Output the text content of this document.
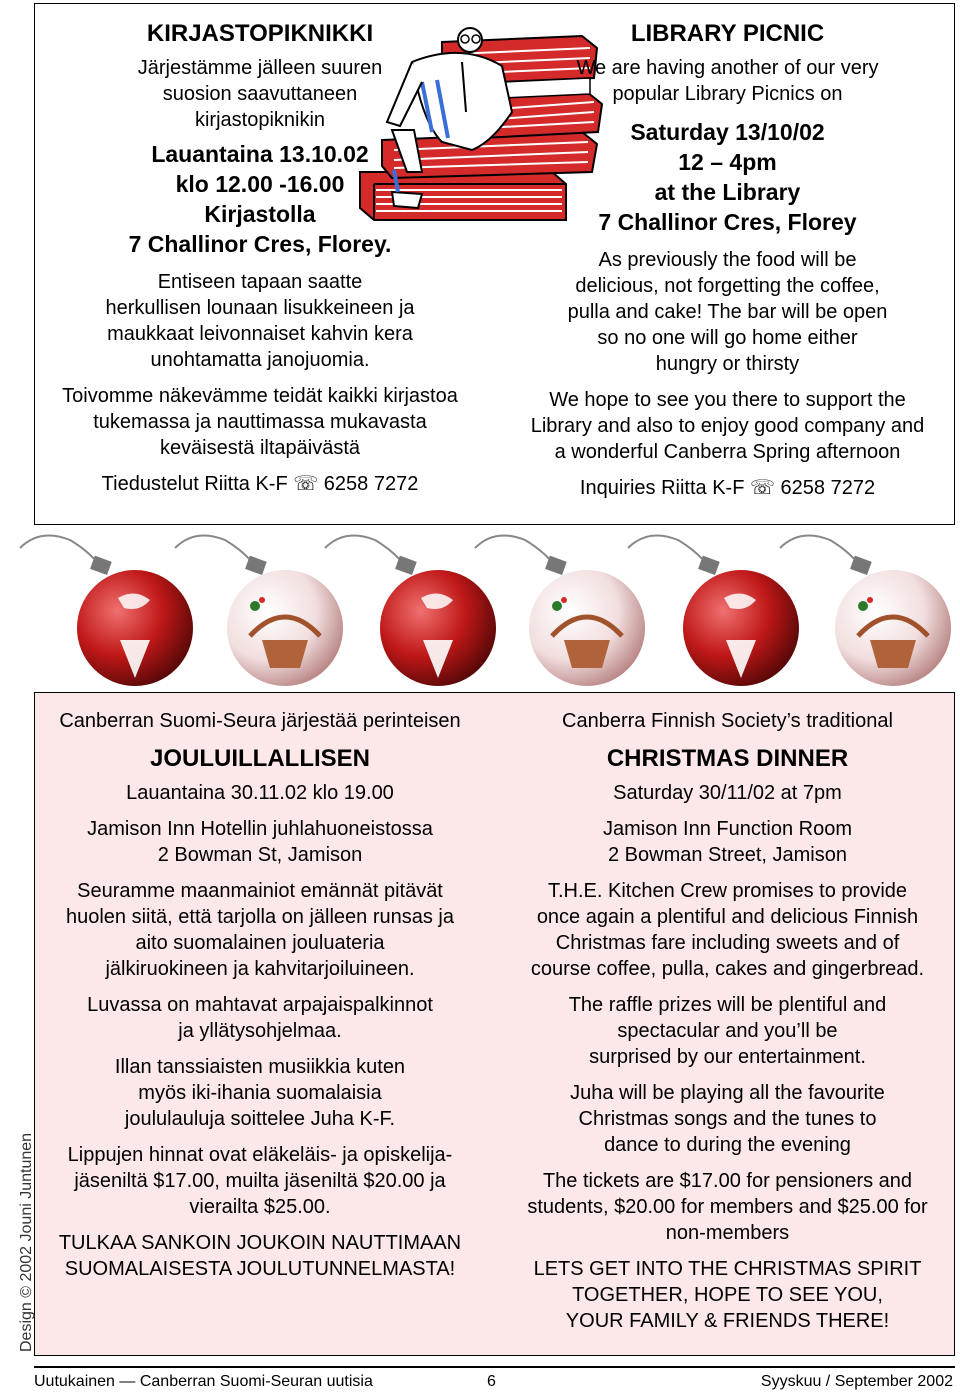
KIRJASTOPIKNIKKI

Järjestämme jälleen suuren

suosion saavuttaneen

kirjastopiknikin

Lauantaina 13.10.02

klo 12.00 -16.00

Kirjastolla

7 Challinor Cres, Florey.

Entiseen tapaan saatte

herkullisen lounaan lisukkeineen ja

maukkaat leivonnaiset kahvin kera

unohtamatta janojuomia.

Toivomme näkevämme teidät kaikki kirjastoa

tukemassa ja nauttimassa mukavasta

keväisestä iltapäivästä

Tiedustelut Riitta K-F ☏ 6258 7272

LIBRARY PICNIC

We are having another of our very

popular Library Picnics on

Saturday 13/10/02

12 – 4pm

at the Library

7 Challinor Cres, Florey

As previously the food will be

delicious, not forgetting the coffee,

pulla and cake! The bar will be open

so no one will go home either

hungry or thirsty

We hope to see you there to support the

Library and also to enjoy good company and

a wonderful Canberra Spring afternoon

Inquiries Riitta K-F ☏ 6258 7272

Canberran Suomi-Seura järjestää perinteisen

JOULUILLALLISEN

Lauantaina 30.11.02 klo 19.00

Jamison Inn Hotellin juhlahuoneistossa

2 Bowman St, Jamison

Seuramme maanmainiot emännät pitävät

huolen siitä, että tarjolla on jälleen runsas ja

aito suomalainen jouluateria

jälkiruokineen ja kahvitarjoiluineen.

Luvassa on mahtavat arpajaispalkinnot

ja yllätysohjelmaa.

Illan tanssiaisten musiikkia kuten

myös iki-ihania suomalaisia

joululauluja soittelee Juha K-F.

Lippujen hinnat ovat eläkeläis- ja opiskelija-

jäseniltä $17.00, muilta jäseniltä $20.00 ja

vierailta $25.00.

TULKAA SANKOIN JOUKOIN NAUTTIMAAN

SUOMALAISESTA JOULUTUNNELMASTA!

Canberra Finnish Society’s traditional

CHRISTMAS DINNER

Saturday 30/11/02 at 7pm

Jamison Inn Function Room

2 Bowman Street, Jamison

T.H.E. Kitchen Crew promises to provide

once again a plentiful and delicious Finnish

Christmas fare including sweets and of

course coffee, pulla, cakes and gingerbread.

The raffle prizes will be plentiful and

spectacular and you’ll be

surprised by our entertainment.

Juha will be playing all the favourite

Christmas songs and the tunes to

dance to during the evening

The tickets are $17.00 for pensioners and

students, $20.00 for members and $25.00 for

non-members

LETS GET INTO THE CHRISTMAS SPIRIT

TOGETHER, HOPE TO SEE YOU,

YOUR FAMILY & FRIENDS THERE!

Design © 2002 Jouni Juntunen
Uutukainen — Canberran Suomi-Seuran uutisia	6	Syyskuu / September 2002
